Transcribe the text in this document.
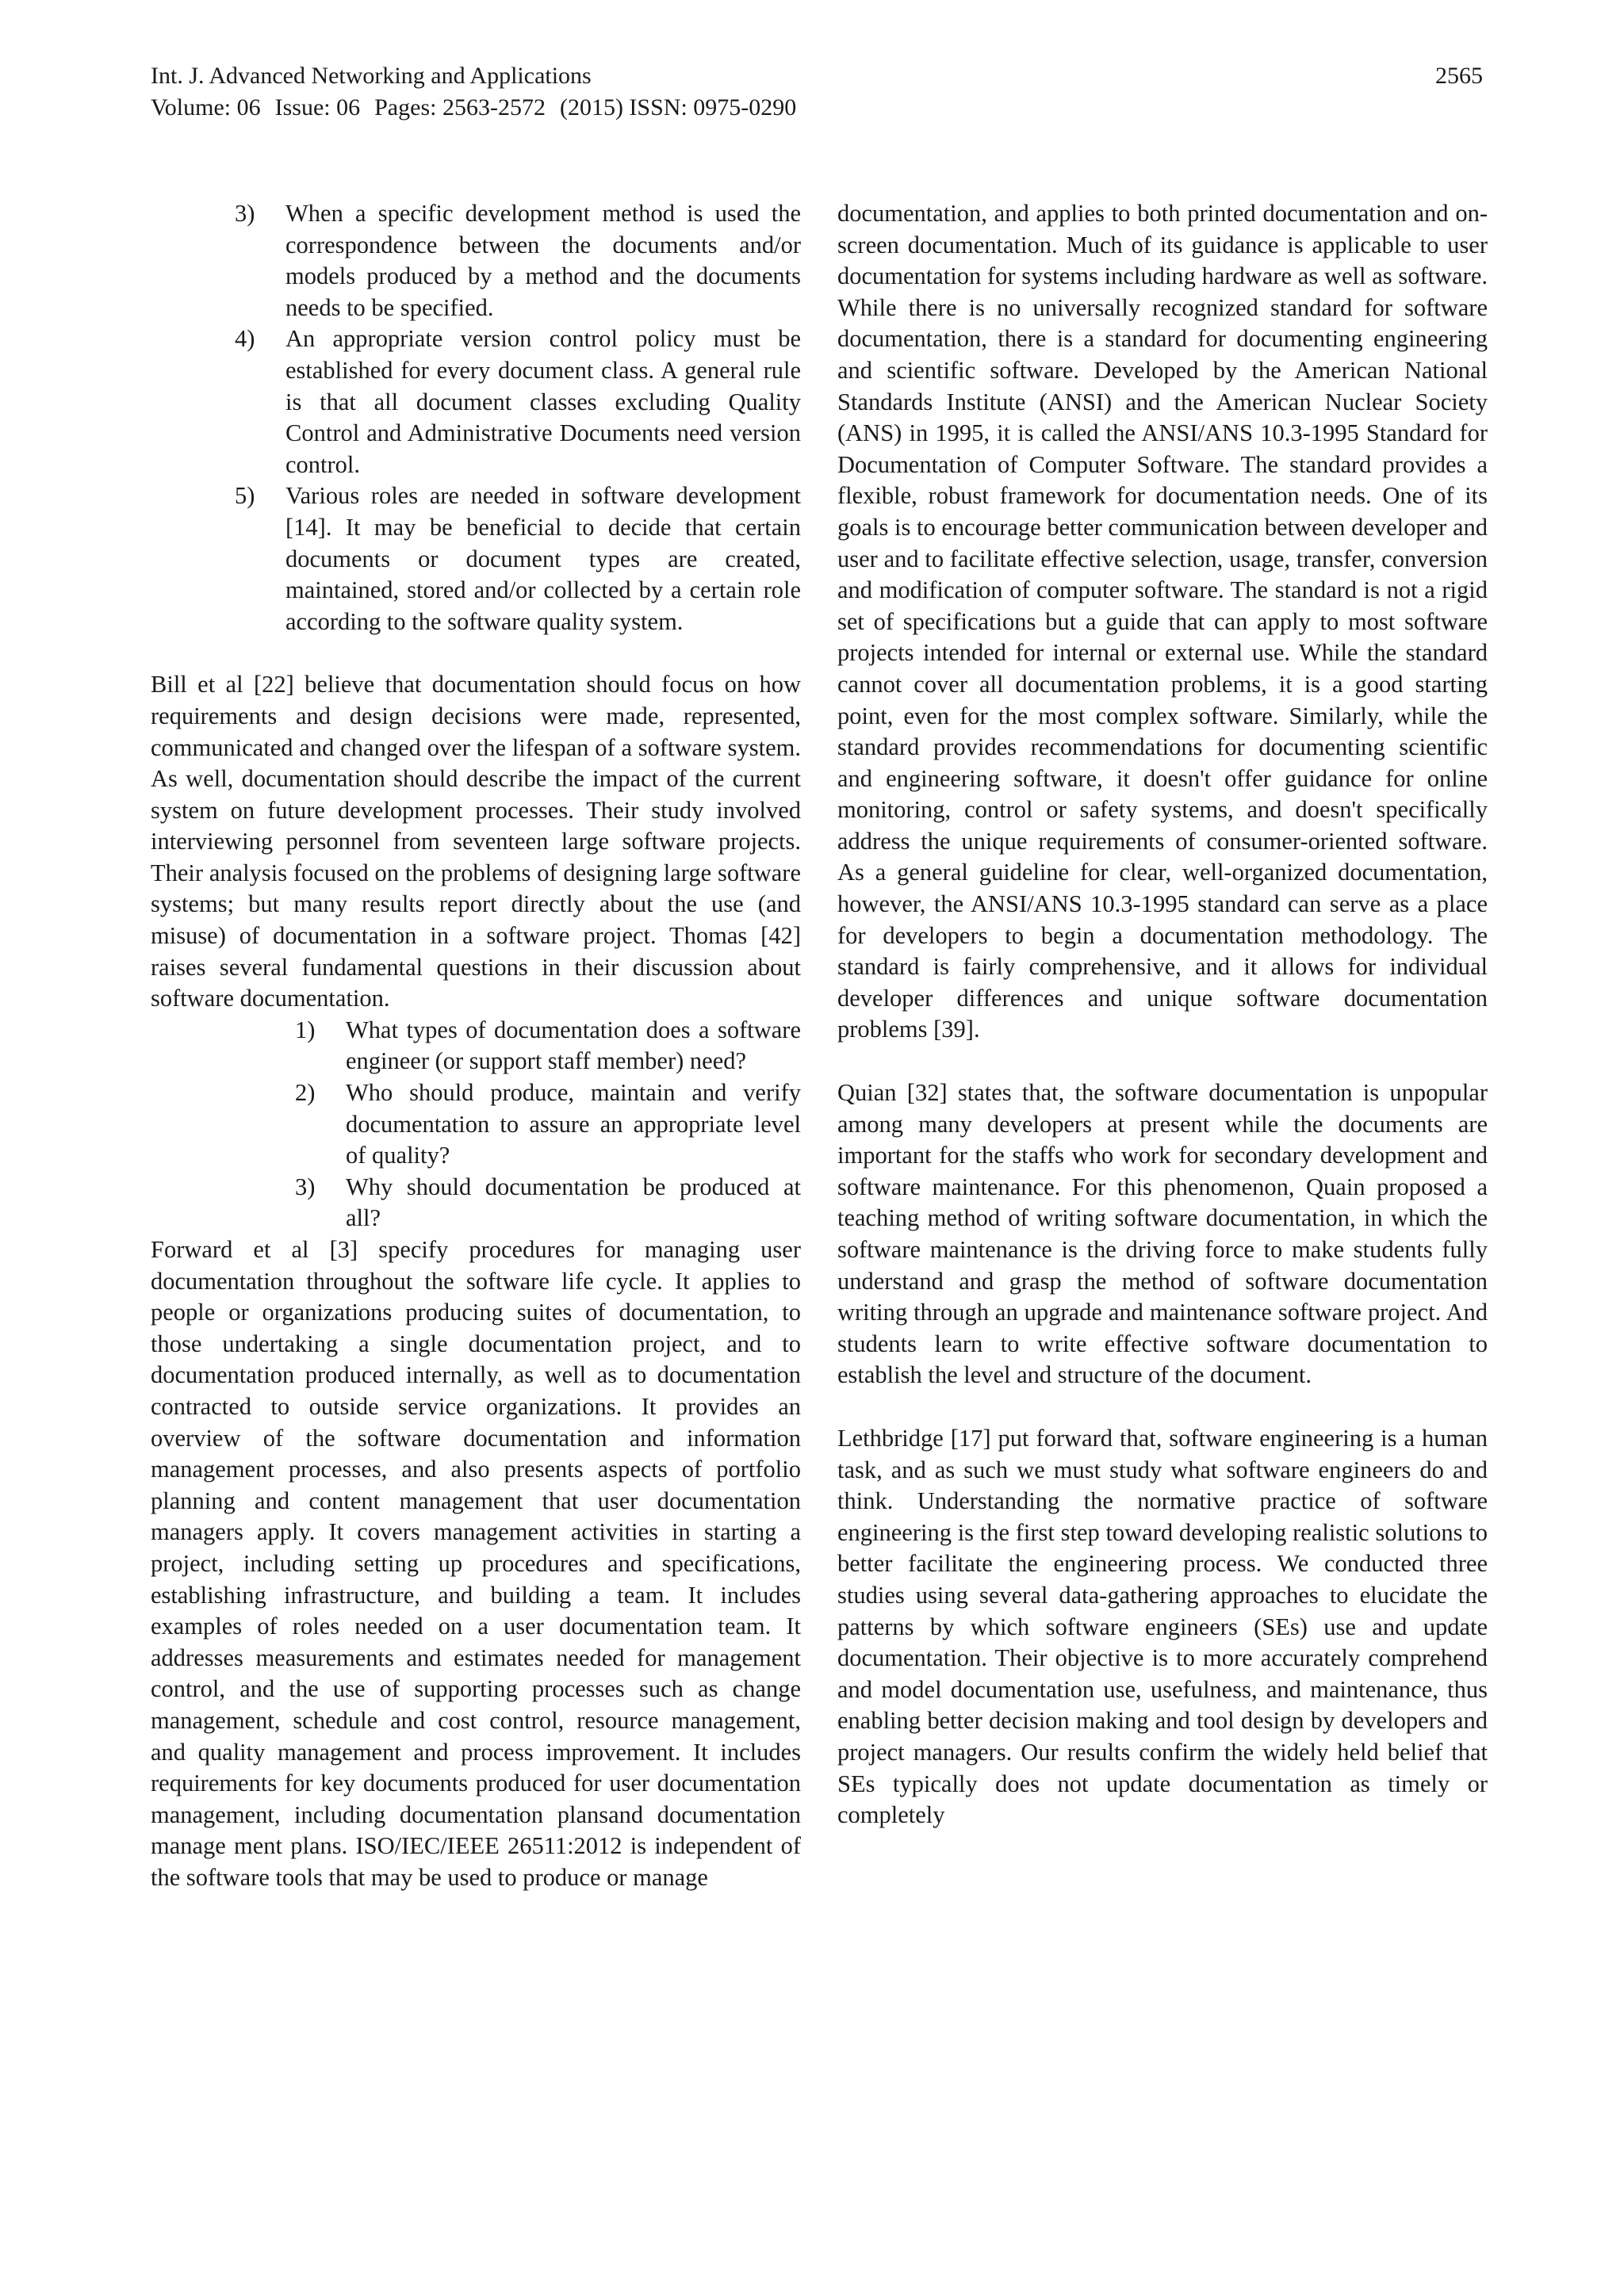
Int. J. Advanced Networking and Applications	2565
Volume: 06 Issue: 06 Pages: 2563-2572 (2015) ISSN: 0975-0290
3)	When a specific development method is used the correspondence between the documents and/or models produced by a method and the documents needs to be specified.
4)	An appropriate version control policy must be established for every document class. A general rule is that all document classes excluding Quality Control and Administrative Documents need version control.
5)	Various roles are needed in software development [14]. It may be beneficial to decide that certain documents or document types are created, maintained, stored and/or collected by a certain role according to the software quality system.

Bill et al [22] believe that documentation should focus on how requirements and design decisions were made, represented, communicated and changed over the lifespan of a software system. As well, documentation should describe the impact of the current system on future development processes. Their study involved interviewing personnel from seventeen large software projects. Their analysis focused on the problems of designing large software systems; but many results report directly about the use (and misuse) of documentation in a software project. Thomas [42] raises several fundamental questions in their discussion about software documentation.

1)	What types of documentation does a software engineer (or support staff member) need?
2)	Who should produce, maintain and verify documentation to assure an appropriate level of quality?
3)	Why should documentation be produced at all?

Forward et al [3] specify procedures for managing user documentation throughout the software life cycle. It applies to people or organizations producing suites of documentation, to those undertaking a single documentation project, and to documentation produced internally, as well as to documentation contracted to outside service organizations. It provides an overview of the software documentation and information management processes, and also presents aspects of portfolio planning and content management that user documentation managers apply. It covers management activities in starting a project, including setting up procedures and specifications, establishing infrastructure, and building a team. It includes examples of roles needed on a user documentation team. It addresses measurements and estimates needed for management control, and the use of supporting processes such as change management, schedule and cost control, resource management, and quality management and process improvement. It includes requirements for key documents produced for user documentation management, including documentation plansand documentation manage ment plans. ISO/IEC/IEEE 26511:2012 is independent of the software tools that may be used to produce or manage

documentation, and applies to both printed documentation and on-screen documentation. Much of its guidance is applicable to user documentation for systems including hardware as well as software. While there is no universally recognized standard for software documentation, there is a standard for documenting engineering and scientific software. Developed by the American National Standards Institute (ANSI) and the American Nuclear Society (ANS) in 1995, it is called the ANSI/ANS 10.3-1995 Standard for Documentation of Computer Software. The standard provides a flexible, robust framework for documentation needs. One of its goals is to encourage better communication between developer and user and to facilitate effective selection, usage, transfer, conversion and modification of computer software. The standard is not a rigid set of specifications but a guide that can apply to most software projects intended for internal or external use. While the standard cannot cover all documentation problems, it is a good starting point, even for the most complex software. Similarly, while the standard provides recommendations for documenting scientific and engineering software, it doesn't offer guidance for online monitoring, control or safety systems, and doesn't specifically address the unique requirements of consumer-oriented software. As a general guideline for clear, well-organized documentation, however, the ANSI/ANS 10.3-1995 standard can serve as a place for developers to begin a documentation methodology. The standard is fairly comprehensive, and it allows for individual developer differences and unique software documentation problems [39].

Quian [32] states that, the software documentation is unpopular among many developers at present while the documents are important for the staffs who work for secondary development and software maintenance. For this phenomenon, Quain proposed a teaching method of writing software documentation, in which the software maintenance is the driving force to make students fully understand and grasp the method of software documentation writing through an upgrade and maintenance software project. And students learn to write effective software documentation to establish the level and structure of the document.

Lethbridge [17] put forward that, software engineering is a human task, and as such we must study what software engineers do and think. Understanding the normative practice of software engineering is the first step toward developing realistic solutions to better facilitate the engineering process. We conducted three studies using several data-gathering approaches to elucidate the patterns by which software engineers (SEs) use and update documentation. Their objective is to more accurately comprehend and model documentation use, usefulness, and maintenance, thus enabling better decision making and tool design by developers and project managers. Our results confirm the widely held belief that SEs typically does not update documentation as timely or completely
